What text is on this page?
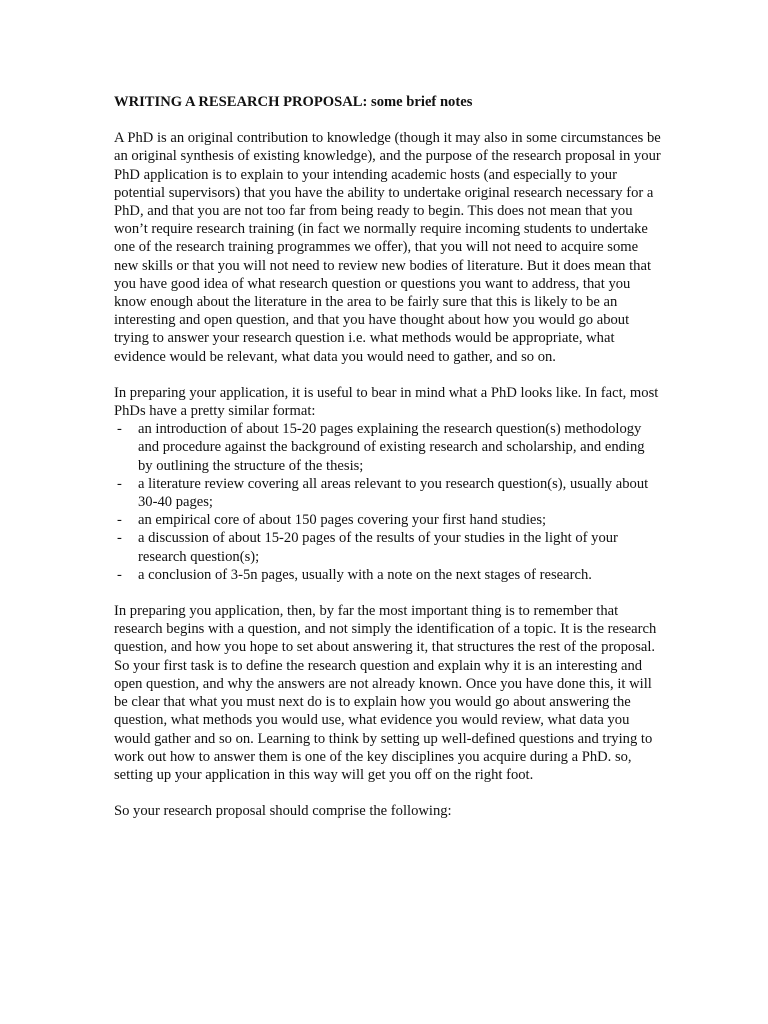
WRITING A RESEARCH PROPOSAL: some brief notes

A PhD is an original contribution to knowledge (though it may also in some circumstances be an original synthesis of existing knowledge), and the purpose of the research proposal in your PhD application is to explain to your intending academic hosts (and especially to your potential supervisors) that you have the ability to undertake original research necessary for a PhD, and that you are not too far from being ready to begin. This does not mean that you won’t require research training (in fact we normally require incoming students to undertake one of the research training programmes we offer), that you will not need to acquire some new skills or that you will not need to review new bodies of literature. But it does mean that you have good idea of what research question or questions you want to address, that you know enough about the literature in the area to be fairly sure that this is likely to be an interesting and open question, and that you have thought about how you would go about trying to answer your research question i.e. what methods would be appropriate, what evidence would be relevant, what data you would need to gather, and so on.

In preparing your application, it is useful to bear in mind what a PhD looks like. In fact, most PhDs have a pretty similar format:

- an introduction of about 15-20 pages explaining the research question(s) methodology and procedure against the background of existing research and scholarship, and ending by outlining the structure of the thesis;
- a literature review covering all areas relevant to you research question(s), usually about 30-40 pages;
- an empirical core of about 150 pages covering your first hand studies;
- a discussion of about 15-20 pages of the results of your studies in the light of your research question(s);
- a conclusion of 3-5n pages, usually with a note on the next stages of research.

In preparing you application, then, by far the most important thing is to remember that research begins with a question, and not simply the identification of a topic. It is the research question, and how you hope to set about answering it, that structures the rest of the proposal. So your first task is to define the research question and explain why it is an interesting and open question, and why the answers are not already known. Once you have done this, it will be clear that what you must next do is to explain how you would go about answering the question, what methods you would use, what evidence you would review, what data you would gather and so on. Learning to think by setting up well-defined questions and trying to work out how to answer them is one of the key disciplines you acquire during a PhD. so, setting up your application in this way will get you off on the right foot.

So your research proposal should comprise the following:
